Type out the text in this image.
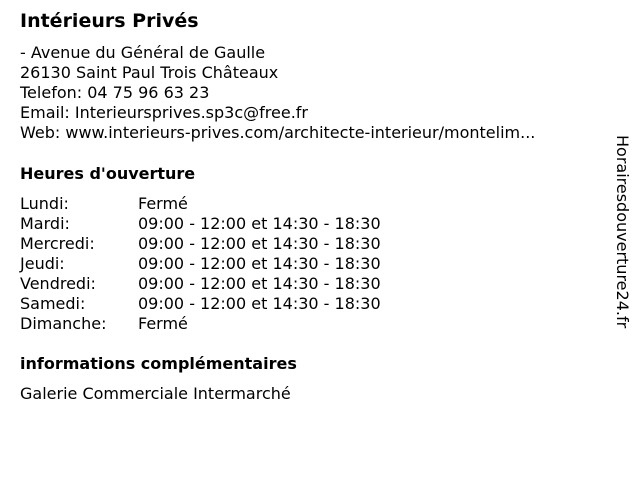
Intérieurs Privés
- Avenue du Général de Gaulle
26130 Saint Paul Trois Châteaux
Telefon: 04 75 96 63 23
Email: Interieursprives.sp3c@free.fr
Web: www.interieurs-prives.com/architecte-interieur/montelim...
Heures d'ouverture
Lundi:	Fermé
Mardi:	09:00 - 12:00 et 14:30 - 18:30
Mercredi:	09:00 - 12:00 et 14:30 - 18:30
Jeudi:	09:00 - 12:00 et 14:30 - 18:30
Vendredi:	09:00 - 12:00 et 14:30 - 18:30
Samedi:	09:00 - 12:00 et 14:30 - 18:30
Dimanche: Fermé
informations complémentaires
Galerie Commerciale Intermarché
Horairesdouverture24.fr
